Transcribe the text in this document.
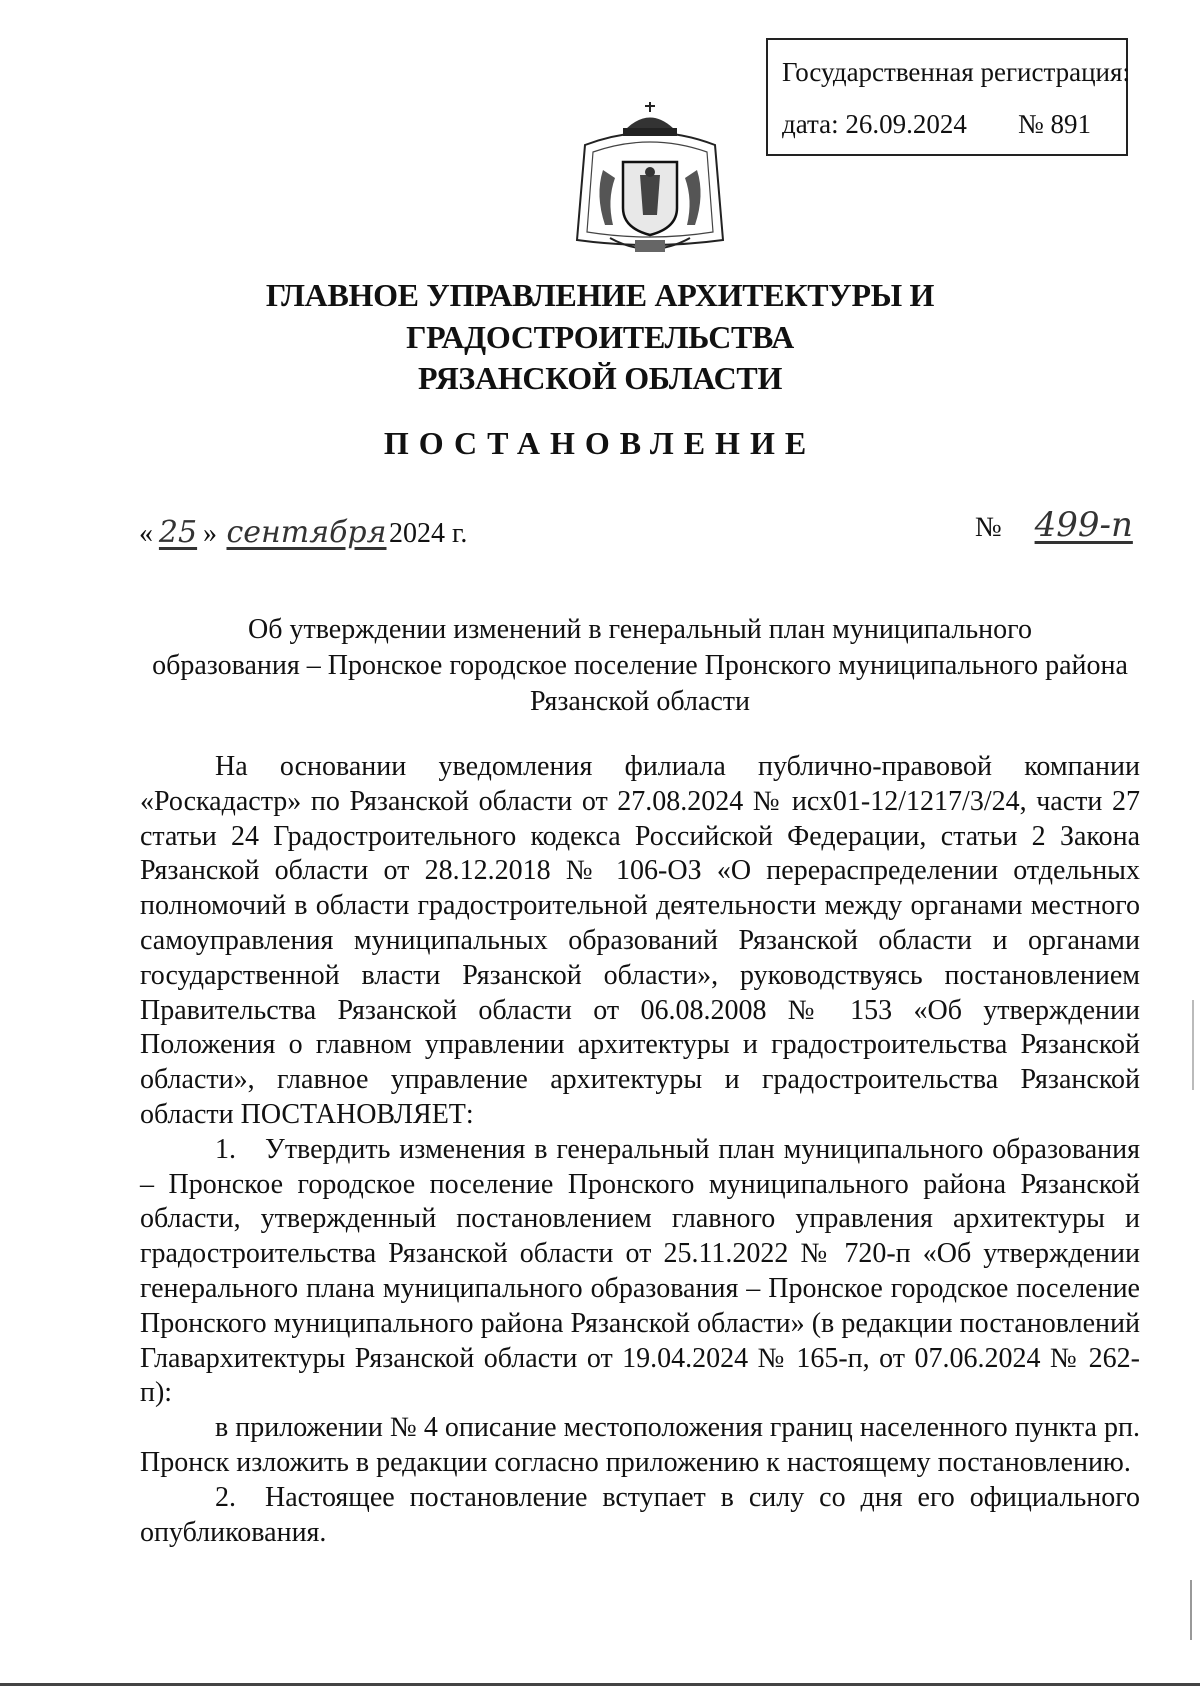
Государственная регистрация:
дата: 26.09.2024 № 891
ГЛАВНОЕ УПРАВЛЕНИЕ АРХИТЕКТУРЫ И ГРАДОСТРОИТЕЛЬСТВА
РЯЗАНСКОЙ ОБЛАСТИ
ПОСТАНОВЛЕНИЕ
« 25 » сентября2024 г.	№ 499-п
Об утверждении изменений в генеральный план муниципального
образования – Пронское городское поселение Пронского муниципального района
Рязанской области

На основании уведомления филиала публично-правовой компании «Роскадастр» по Рязанской области от 27.08.2024 № исх01-12/1217/3/24, части 27 статьи 24 Градостроительного кодекса Российской Федерации, статьи 2 Закона Рязанской области от 28.12.2018 № 106-ОЗ «О перераспределении отдельных полномочий в области градостроительной деятельности между органами местного самоуправления муниципальных образований Рязанской области и органами государственной власти Рязанской области», руководствуясь постановлением Правительства Рязанской области от 06.08.2008 № 153 «Об утверждении Положения о главном управлении архитектуры и градостроительства Рязанской области», главное управление архитектуры и градостроительства Рязанской области ПОСТАНОВЛЯЕТ:

1. Утвердить изменения в генеральный план муниципального образования – Пронское городское поселение Пронского муниципального района Рязанской области, утвержденный постановлением главного управления архитектуры и градостроительства Рязанской области от 25.11.2022 № 720-п «Об утверждении генерального плана муниципального образования – Пронское городское поселение Пронского муниципального района Рязанской области» (в редакции постановлений Главархитектуры Рязанской области от 19.04.2024 № 165-п, от 07.06.2024 № 262-п):

в приложении № 4 описание местоположения границ населенного пункта рп. Пронск изложить в редакции согласно приложению к настоящему постановлению.

2. Настоящее постановление вступает в силу со дня его официального опубликования.
